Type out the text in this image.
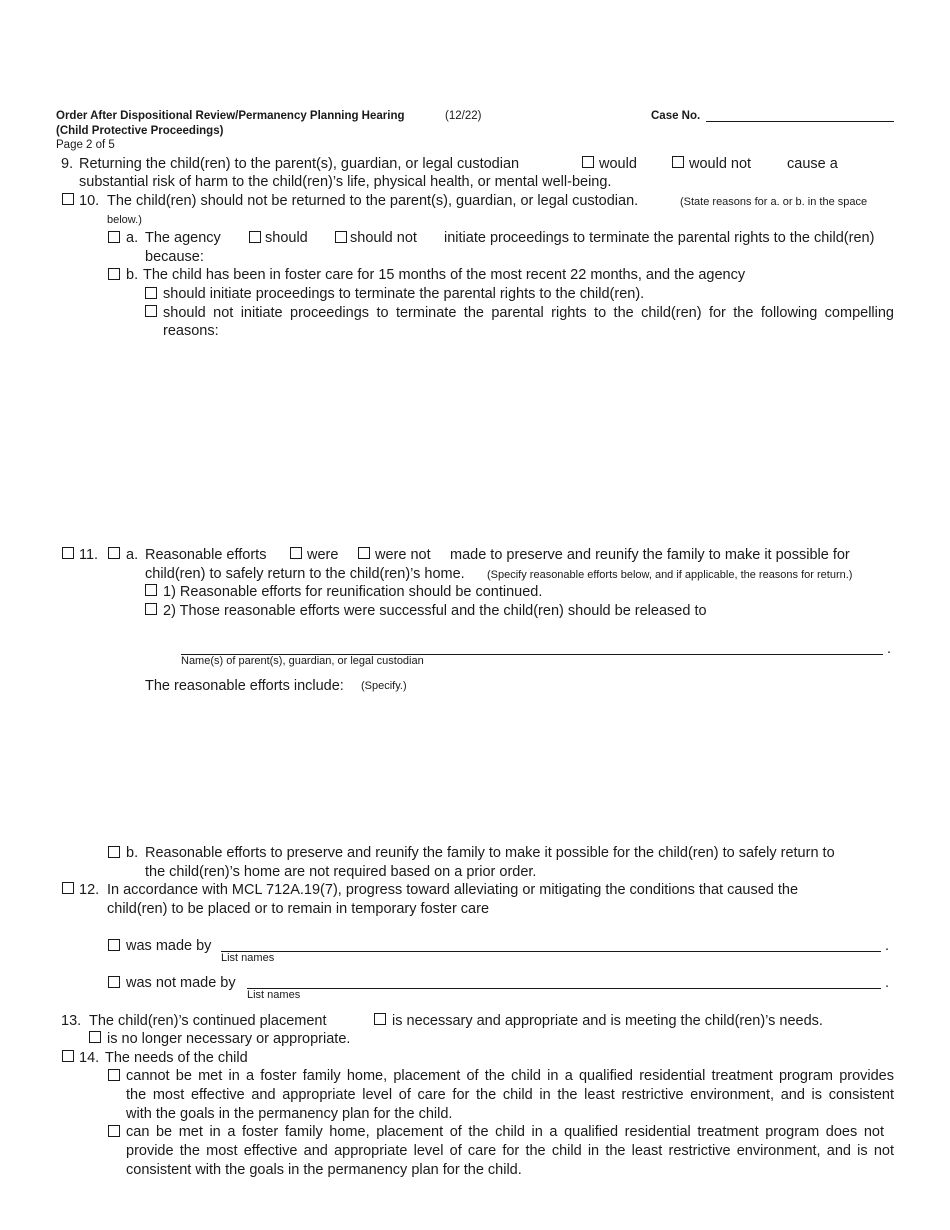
Order After Dispositional Review/Permanency Planning Hearing	(12/22)	Case No.
(Child Protective Proceedings)
Page 2 of 5
9. Returning the child(ren) to the parent(s), guardian, or legal custodian	would	would not cause a
substantial risk of harm to the child(ren)’s life, physical health, or mental well-being.
10. The child(ren) should not be returned to the parent(s), guardian, or legal custodian.	(State reasons for a. or b. in the space
below.)
a. The agency	should	should not initiate proceedings to terminate the parental rights to the child(ren)
because:
b. The child has been in foster care for 15 months of the most recent 22 months, and the agency
should initiate proceedings to terminate the parental rights to the child(ren).
should not initiate proceedings to terminate the parental rights to the child(ren) for the following compelling
reasons:
11. a. Reasonable efforts	were	were not made to preserve and reunify the family to make it possible for
child(ren) to safely return to the child(ren)’s home. (Specify reasonable efforts below, and if applicable, the reasons for return.)
1) Reasonable efforts for reunification should be continued.
2) Those reasonable efforts were successful and the child(ren) should be released to
.
Name(s) of parent(s), guardian, or legal custodian
The reasonable efforts include: (Specify.)
b. Reasonable efforts to preserve and reunify the family to make it possible for the child(ren) to safely return to
the child(ren)’s home are not required based on a prior order.
12. In accordance with MCL 712A.19(7), progress toward alleviating or mitigating the conditions that caused the
child(ren) to be placed or to remain in temporary foster care
was made by	.
List names
was not made by	.
List names
13. The child(ren)’s continued placement	is necessary and appropriate and is meeting the child(ren)’s needs.
is no longer necessary or appropriate.
14. The needs of the child
cannot be met in a foster family home, placement of the child in a qualified residential treatment program provides
the most effective and appropriate level of care for the child in the least restrictive environment, and is consistent
with the goals in the permanency plan for the child.
can be met in a foster family home, placement of the child in a qualified residential treatment program does not
provide the most effective and appropriate level of care for the child in the least restrictive environment, and is not
consistent with the goals in the permanency plan for the child.
